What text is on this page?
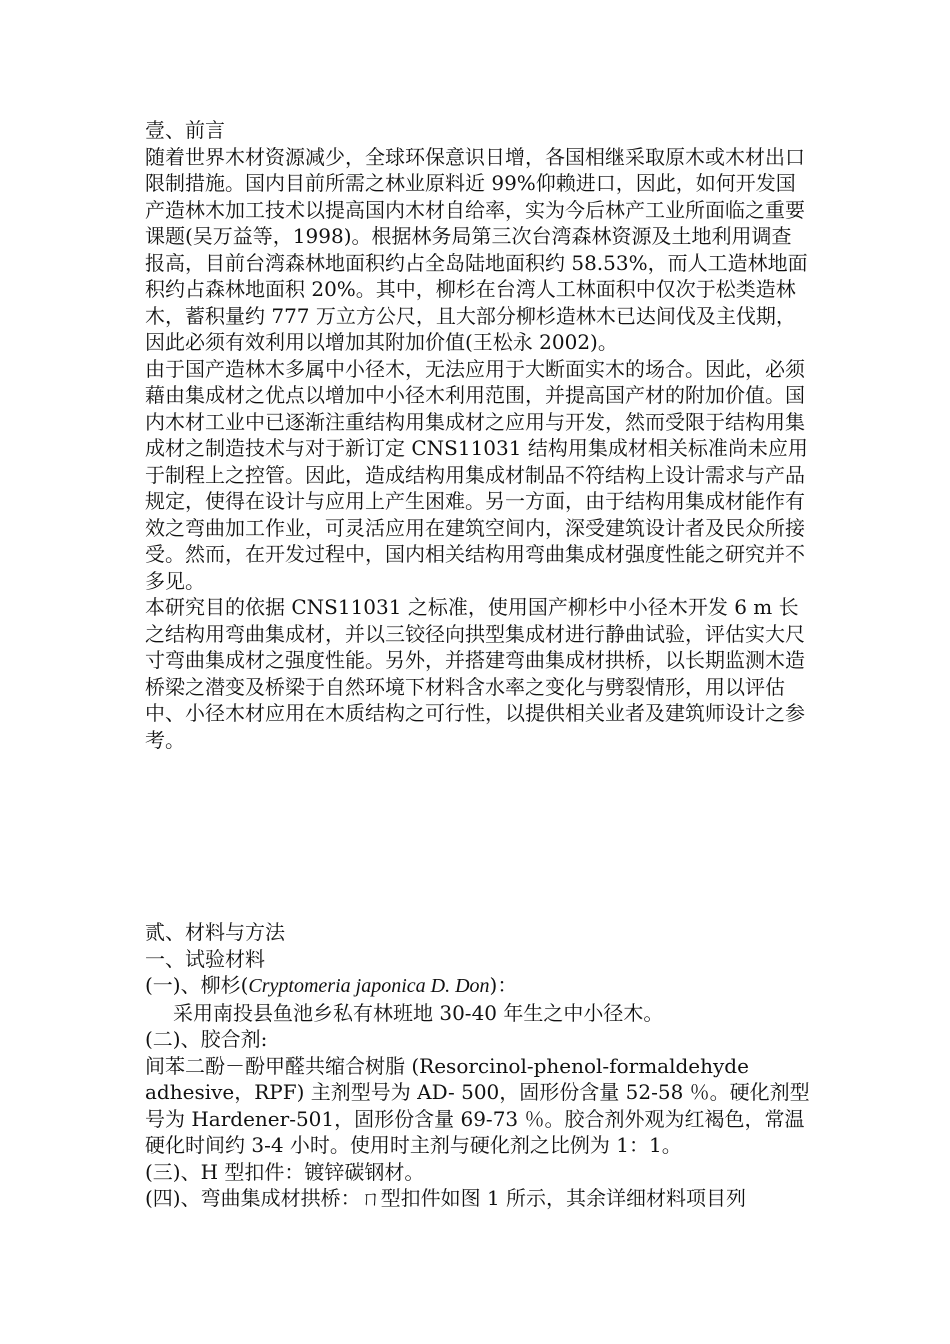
壹、前言

随着世界木材资源减少，全球环保意识日增，各国相继采取原木或木材出口限制措施。国内目前所需之林业原料近 99%仰赖进口，因此，如何开发国产造林木加工技术以提高国内木材自给率，实为今后林产工业所面临之重要课题(吴万益等，1998)。根据林务局第三次台湾森林资源及土地利用调查报高，目前台湾森林地面积约占全岛陆地面积约 58.53%，而人工造林地面积约占森林地面积 20%。其中，柳杉在台湾人工林面积中仅次于松类造林木，蓄积量约 777 万立方公尺，且大部分柳杉造林木已达间伐及主伐期，因此必须有效利用以增加其附加价值(王松永 2002)。

由于国产造林木多属中小径木，无法应用于大断面实木的场合。因此，必须藉由集成材之优点以增加中小径木利用范围，并提高国产材的附加价值。国内木材工业中已逐渐注重结构用集成材之应用与开发，然而受限于结构用集成材之制造技术与对于新订定 CNS11031 结构用集成材相关标准尚未应用于制程上之控管。因此，造成结构用集成材制品不符结构上设计需求与产品规定，使得在设计与应用上产生困难。另一方面，由于结构用集成材能作有效之弯曲加工作业，可灵活应用在建筑空间内，深受建筑设计者及民众所接受。然而，在开发过程中，国内相关结构用弯曲集成材强度性能之研究并不多见。

本研究目的依据 CNS11031 之标准，使用国产柳杉中小径木开发 6 m 长之结构用弯曲集成材，并以三铰径向拱型集成材进行静曲试验，评估实大尺寸弯曲集成材之强度性能。另外，并搭建弯曲集成材拱桥，以长期监测木造桥梁之潜变及桥梁于自然环境下材料含水率之变化与劈裂情形，用以评估中、小径木材应用在木质结构之可行性，以提供相关业者及建筑师设计之参考。

贰、材料与方法

一、试验材料

(一)、柳杉(Cryptomeria japonica D. Don)：

采用南投县鱼池乡私有林班地 30-40 年生之中小径木。

(二)、胶合剂:

间苯二酚－酚甲醛共缩合树脂 (Resorcinol-phenol-formaldehyde adhesive，RPF) 主剂型号为 AD- 500，固形份含量 52-58 ％。硬化剂型号为 Hardener-501，固形份含量 69-73 ％。胶合剂外观为红褐色，常温硬化时间约 3-4 小时。使用时主剂与硬化剂之比例为 1：1。

(三)、H 型扣件：镀锌碳钢材。

(四)、弯曲集成材拱桥：ㄇ型扣件如图 1 所示，其余详细材料项目列
